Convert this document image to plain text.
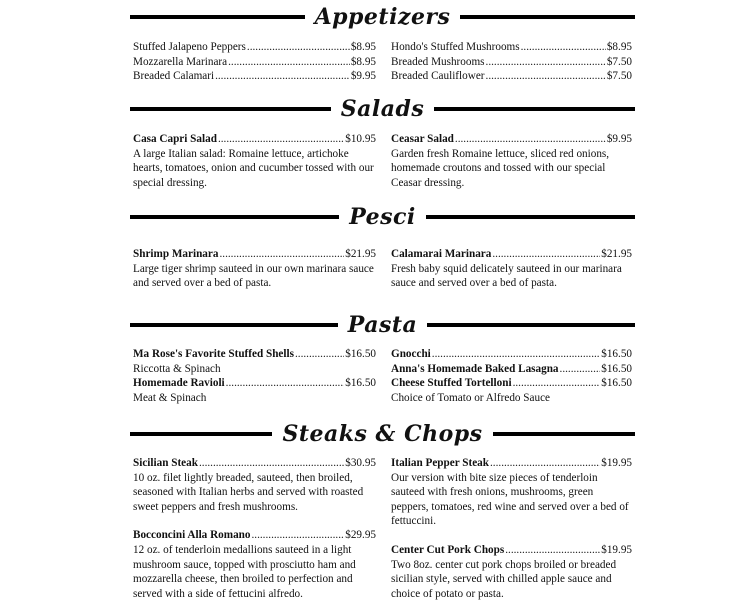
Appetizers
Stuffed Jalapeno Peppers .....	$8.95
Mozzarella Marinara .....	$8.95
Breaded Calamari .....	$9.95
Hondo's Stuffed Mushrooms .....	$8.95
Breaded Mushrooms .....	$7.50
Breaded Cauliflower .....	$7.50
Salads
Casa Capri Salad .....	$10.95
A large Italian salad: Romaine lettuce, artichoke hearts, tomatoes, onion and cucumber tossed with our special dressing.
Ceasar Salad .....	$9.95
Garden fresh Romaine lettuce, sliced red onions, homemade croutons and tossed with our special Ceasar dressing.
Pesci
Shrimp Marinara .....	$21.95
Large tiger shrimp sauteed in our own marinara sauce and served over a bed of pasta.
Calamarai Marinara .....	$21.95
Fresh baby squid delicately sauteed in our marinara sauce and served over a bed of pasta.
Pasta
Ma Rose's Favorite Stuffed Shells .....	$16.50
Riccotta & Spinach
Homemade Ravioli .....	$16.50
Meat & Spinach
Gnocchi .....	$16.50
Anna's Homemade Baked Lasagna .....	$16.50
Cheese Stuffed Tortelloni .....	$16.50
Choice of Tomato or Alfredo Sauce
Steaks & Chops
Sicilian Steak .....	$30.95
10 oz. filet lightly breaded, sauteed, then broiled, seasoned with Italian herbs and served with roasted sweet peppers and fresh mushrooms.
Bocconcini Alla Romano .....	$29.95
12 oz. of tenderloin medallions sauteed in a light mushroom sauce, topped with prosciutto ham and mozzarella cheese, then broiled to perfection and served with a side of fettucini alfredo.
Italian Pepper Steak .....	$19.95
Our version with bite size pieces of tenderloin sauteed with fresh onions, mushrooms, green peppers, tomatoes, red wine and served over a bed of fettuccini.
Center Cut Pork Chops .....	$19.95
Two 8oz. center cut pork chops broiled or breaded sicilian style, served with chilled apple sauce and choice of potato or pasta.
